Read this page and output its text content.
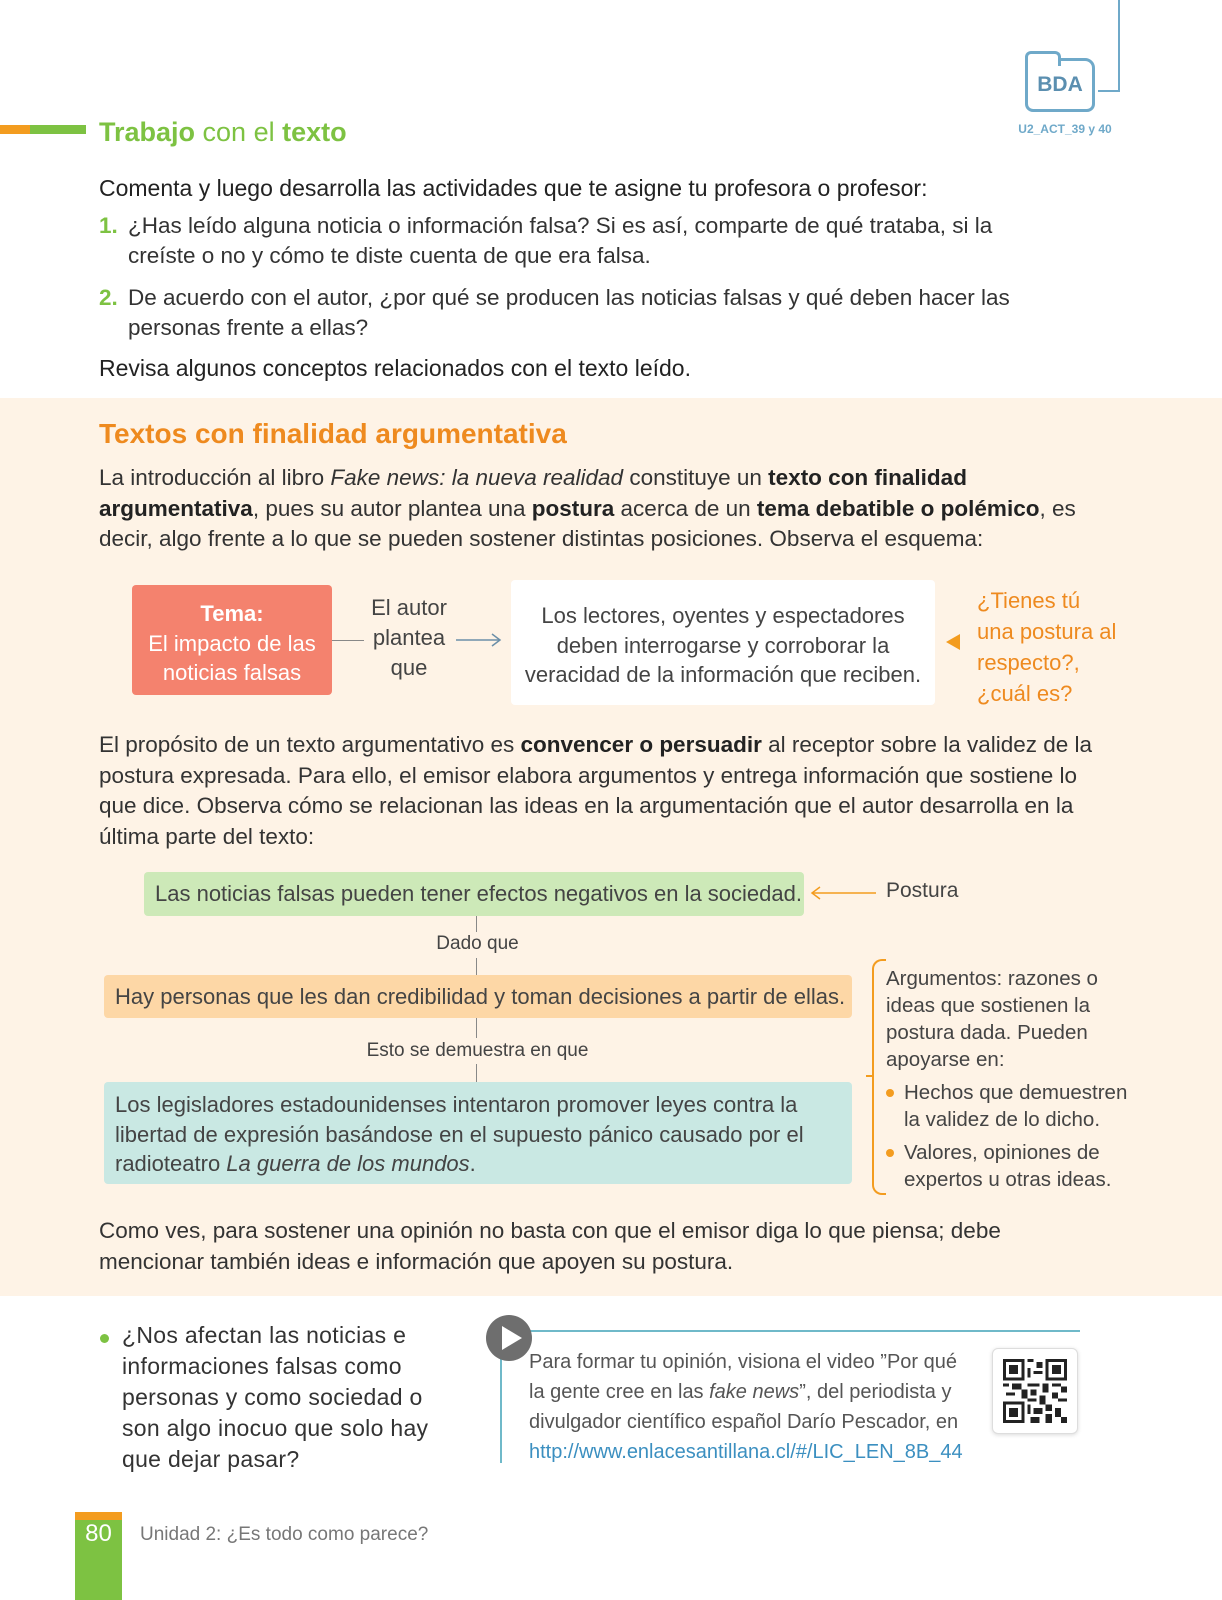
BDA
U2_ACT_39 y 40
Trabajo con el texto
Comenta y luego desarrolla las actividades que te asigne tu profesora o profesor:
1. ¿Has leído alguna noticia o información falsa? Si es así, comparte de qué trataba, si la creíste o no y cómo te diste cuenta de que era falsa.
2. De acuerdo con el autor, ¿por qué se producen las noticias falsas y qué deben hacer las personas frente a ellas?
Revisa algunos conceptos relacionados con el texto leído.
Textos con finalidad argumentativa
La introducción al libro Fake news: la nueva realidad constituye un texto con finalidad argumentativa, pues su autor plantea una postura acerca de un tema debatible o polémico, es decir, algo frente a lo que se pueden sostener distintas posiciones. Observa el esquema:
Tema:
El impacto de las noticias falsas
El autor plantea que
Los lectores, oyentes y espectadores deben interrogarse y corroborar la veracidad de la información que reciben.
¿Tienes tú una postura al respecto?, ¿cuál es?
El propósito de un texto argumentativo es convencer o persuadir al receptor sobre la validez de la postura expresada. Para ello, el emisor elabora argumentos y entrega información que sostiene lo que dice. Observa cómo se relacionan las ideas en la argumentación que el autor desarrolla en la última parte del texto:
Las noticias falsas pueden tener efectos negativos en la sociedad.	Postura
Dado que
Hay personas que les dan credibilidad y toman decisiones a partir de ellas.
Esto se demuestra en que
Los legisladores estadounidenses intentaron promover leyes contra la libertad de expresión basándose en el supuesto pánico causado por el radioteatro La guerra de los mundos.
Argumentos: razones o ideas que sostienen la postura dada. Pueden apoyarse en:
Hechos que demuestren la validez de lo dicho.
Valores, opiniones de expertos u otras ideas.
Como ves, para sostener una opinión no basta con que el emisor diga lo que piensa; debe mencionar también ideas e información que apoyen su postura.
¿Nos afectan las noticias e informaciones falsas como personas y como sociedad o son algo inocuo que solo hay que dejar pasar?
Para formar tu opinión, visiona el video ”Por qué la gente cree en las fake news”, del periodista y divulgador científico español Darío Pescador, en http://www.enlacesantillana.cl/#/LIC_LEN_8B_44
80	Unidad 2: ¿Es todo como parece?
